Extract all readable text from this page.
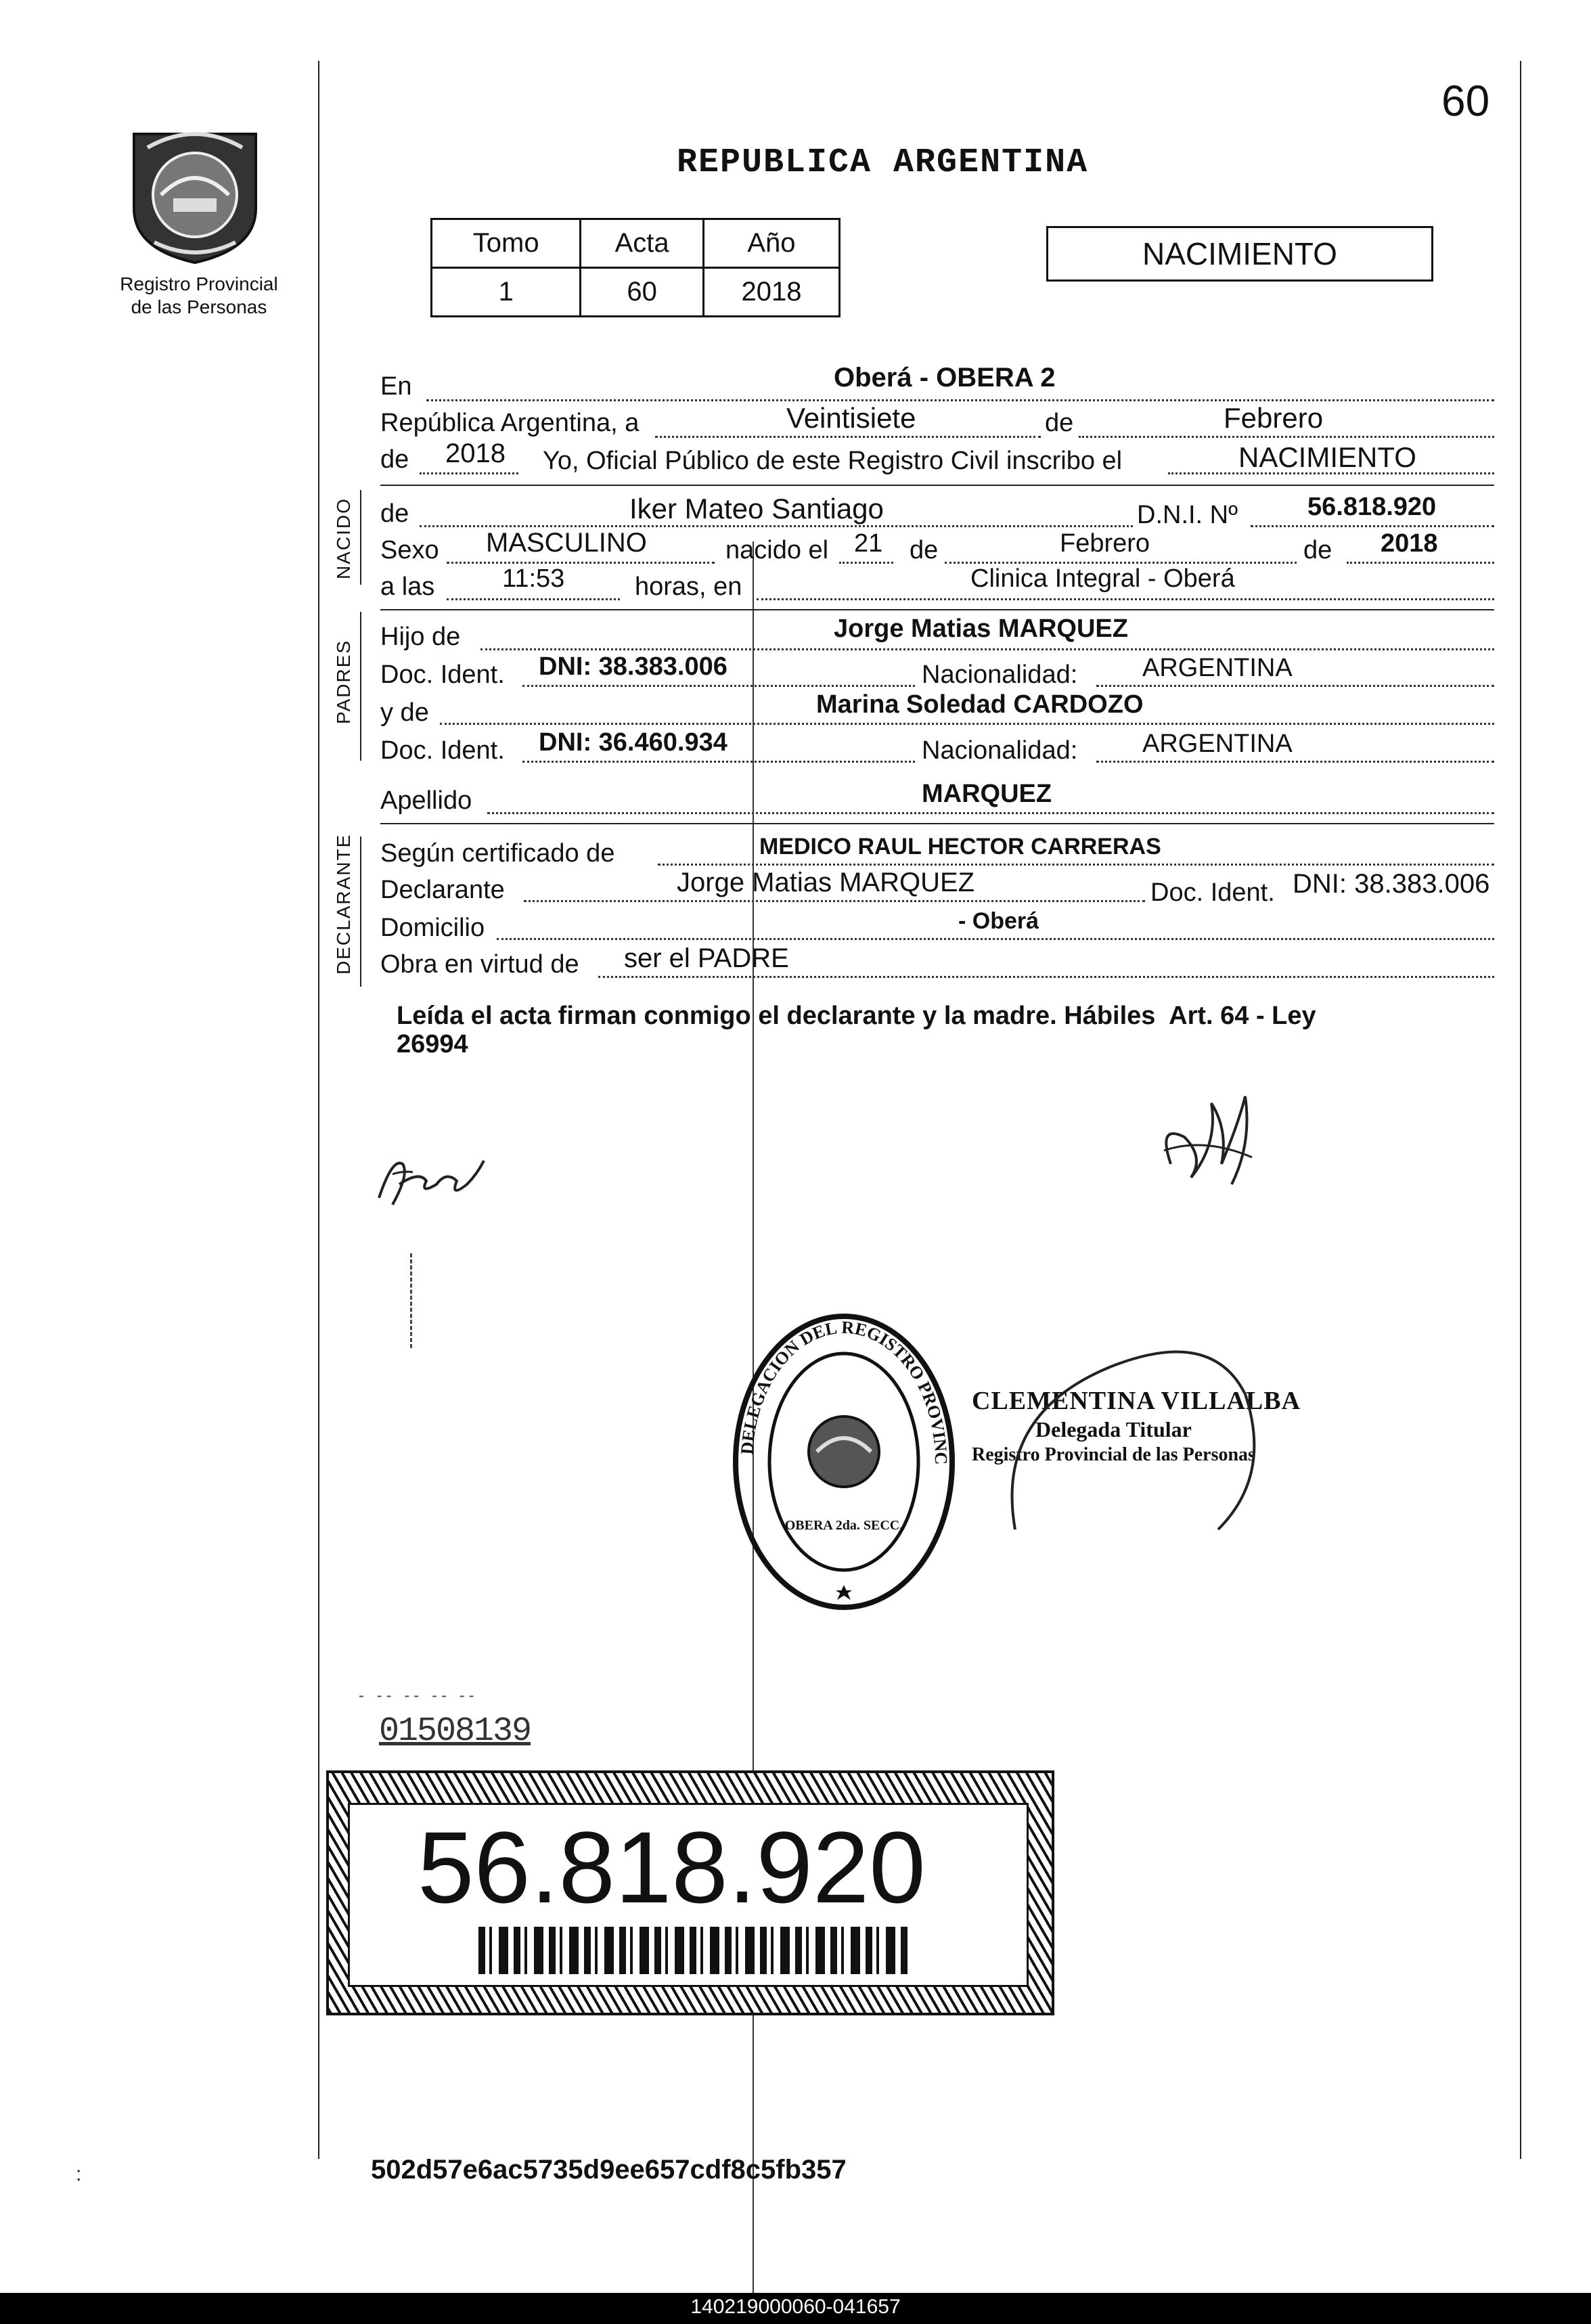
60
Registro Provincial
de las Personas
REPUBLICA ARGENTINA
Tomo	Acta	Año
1	60	2018
NACIMIENTO
En	Oberá - OBERA 2
República Argentina, a	Veintisiete	de	Febrero
de 2018 Yo, Oficial Público de este Registro Civil inscribo el	NACIMIENTO
NACIDO de	Iker Mateo Santiago	D.N.I. Nº	56.818.920
Sexo MASCULINO	nacido el 21 de	Febrero	de 2018
a las	11:53	horas, en	Clinica Integral - Oberá
PADRES
Hijo de	Jorge Matias MARQUEZ
Doc. Ident. DNI: 38.383.006	Nacionalidad:	ARGENTINA
y de	Marina Soledad CARDOZO
Doc. Ident. DNI: 36.460.934	Nacionalidad:	ARGENTINA
Apellido	MARQUEZ
DECLARANTE Según certificado de	MEDICO RAUL HECTOR CARRERAS
Declarante	Jorge Matias MARQUEZ	Doc. Ident. DNI: 38.383.006
Domicilio	- Oberá
Obra en virtud de ser el PADRE
Leída el acta firman conmigo el declarante y la madre. Hábiles  Art. 64 - Ley
26994
DELEGACION DEL REGISTRO PROVINC
OBERA 2da. SECC.
CLEMENTINA VILLALBA
Delegada Titular
Registro Provincial de las Personas
- -- -- -- --
01508139
56.818.920
502d57e6ac5735d9ee657cdf8c5fb357
:
140219000060-041657
